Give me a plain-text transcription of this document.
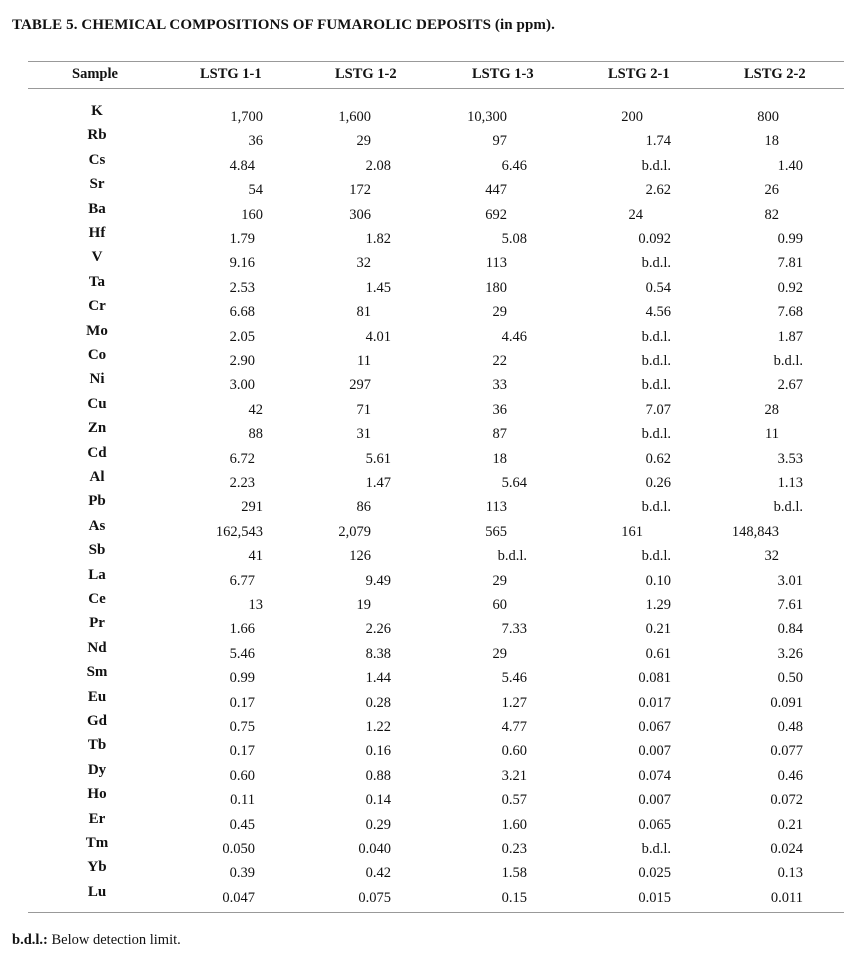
TABLE 5. CHEMICAL COMPOSITIONS OF FUMAROLIC DEPOSITS (in ppm).
Sample	LSTG 1-1	LSTG 1-2	LSTG 1-3	LSTG 2-1	LSTG 2-2
K	1,700	1,600	10,300	200	800
Rb	36	29	97	1.74	18
Cs	4.84	2.08	6.46	b.d.l.	1.40
Sr	54	172	447	2.62	26
Ba	160	306	692	24	82
Hf	1.79	1.82	5.08	0.092	0.99
V	9.16	32	113	b.d.l.	7.81
Ta	2.53	1.45	180	0.54	0.92
Cr	6.68	81	29	4.56	7.68
Mo	2.05	4.01	4.46	b.d.l.	1.87
Co	2.90	11	22	b.d.l.	b.d.l.
Ni	3.00	297	33	b.d.l.	2.67
Cu	42	71	36	7.07	28
Zn	88	31	87	b.d.l.	11
Cd	6.72	5.61	18	0.62	3.53
Al	2.23	1.47	5.64	0.26	1.13
Pb	291	86	113	b.d.l.	b.d.l.
As	162,543	2,079	565	161	148,843
Sb	41	126	b.d.l.	b.d.l.	32
La	6.77	9.49	29	0.10	3.01
Ce	13	19	60	1.29	7.61
Pr	1.66	2.26	7.33	0.21	0.84
Nd	5.46	8.38	29	0.61	3.26
Sm	0.99	1.44	5.46	0.081	0.50
Eu	0.17	0.28	1.27	0.017	0.091
Gd	0.75	1.22	4.77	0.067	0.48
Tb	0.17	0.16	0.60	0.007	0.077
Dy	0.60	0.88	3.21	0.074	0.46
Ho	0.11	0.14	0.57	0.007	0.072
Er	0.45	0.29	1.60	0.065	0.21
Tm	0.050	0.040	0.23	b.d.l.	0.024
Yb	0.39	0.42	1.58	0.025	0.13
Lu	0.047	0.075	0.15	0.015	0.011
b.d.l.: Below detection limit.
